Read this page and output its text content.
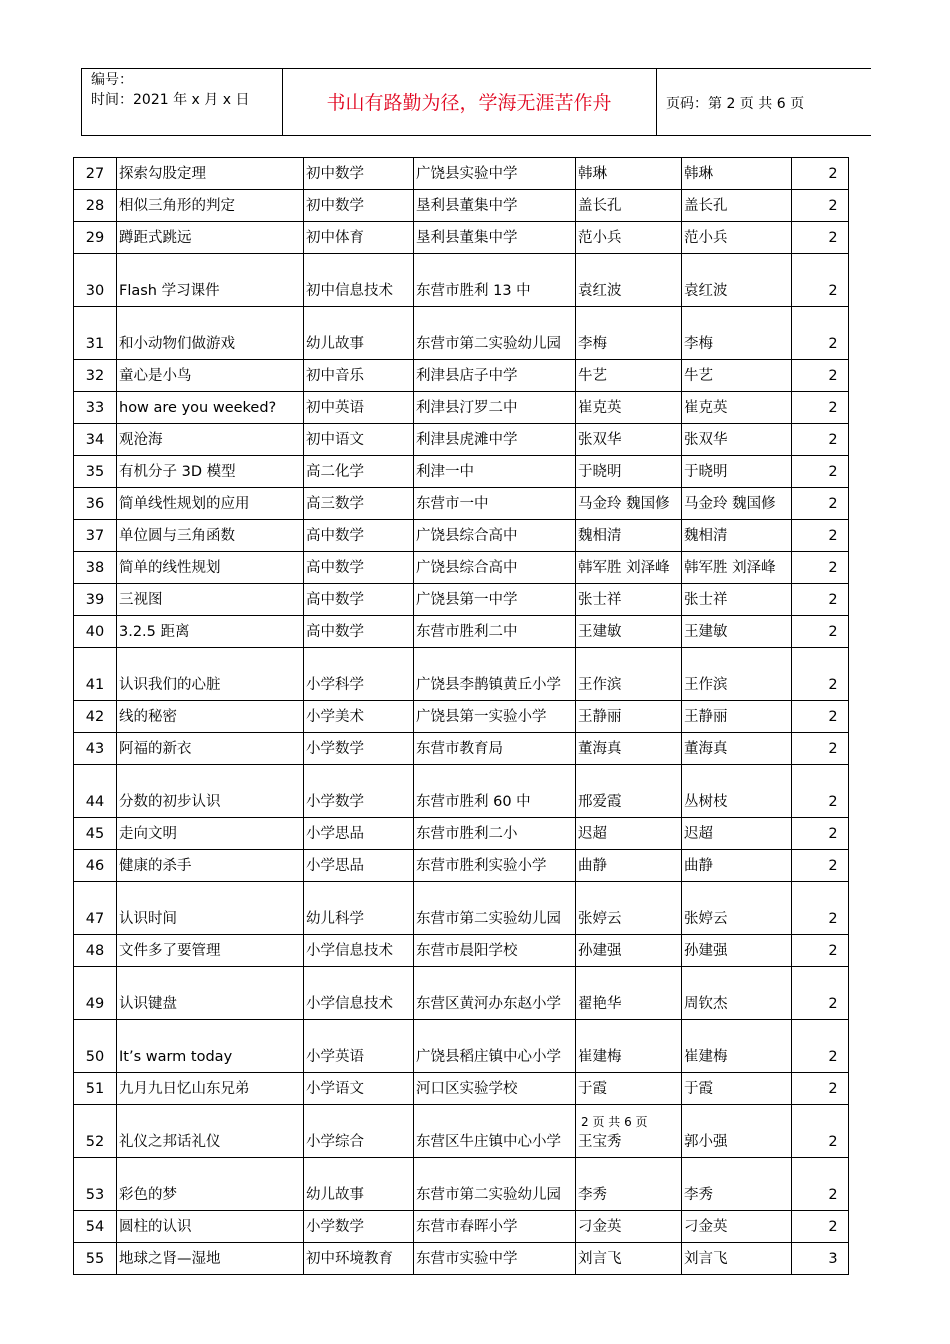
编号：
时间：2021 年 x 月 x 日	书山有路勤为径，学海无涯苦作舟	页码：第 2 页 共 6 页
27	探索勾股定理	初中数学	广饶县实验中学	韩琳	韩琳	2
28	相似三角形的判定	初中数学	垦利县董集中学	盖长孔	盖长孔	2
29	蹲距式跳远	初中体育	垦利县董集中学	范小兵	范小兵	2
30	Flash 学习课件	初中信息技术	东营市胜利 13 中	袁红波	袁红波	2
31	和小动物们做游戏	幼儿故事	东营市第二实验幼儿园	李梅	李梅	2
32	童心是小鸟	初中音乐	利津县店子中学	牛艺	牛艺	2
33	how are you weeked?	初中英语	利津县汀罗二中	崔克英	崔克英	2
34	观沧海	初中语文	利津县虎滩中学	张双华	张双华	2
35	有机分子 3D 模型	高二化学	利津一中	于晓明	于晓明	2
36	简单线性规划的应用	高三数学	东营市一中	马金玲 魏国修	马金玲 魏国修	2
37	单位圆与三角函数	高中数学	广饶县综合高中	魏相清	魏相清	2
38	简单的线性规划	高中数学	广饶县综合高中	韩军胜 刘泽峰	韩军胜 刘泽峰	2
39	三视图	高中数学	广饶县第一中学	张士祥	张士祥	2
40	3.2.5 距离	高中数学	东营市胜利二中	王建敏	王建敏	2
41	认识我们的心脏	小学科学	广饶县李鹊镇黄丘小学	王作滨	王作滨	2
42	线的秘密	小学美术	广饶县第一实验小学	王静丽	王静丽	2
43	阿福的新衣	小学数学	东营市教育局	董海真	董海真	2
44	分数的初步认识	小学数学	东营市胜利 60 中	邢爱霞	丛树枝	2
45	走向文明	小学思品	东营市胜利二小	迟超	迟超	2
46	健康的杀手	小学思品	东营市胜利实验小学	曲静	曲静	2
47	认识时间	幼儿科学	东营市第二实验幼儿园	张婷云	张婷云	2
48	文件多了要管理	小学信息技术	东营市晨阳学校	孙建强	孙建强	2
49	认识键盘	小学信息技术	东营区黄河办东赵小学	翟艳华	周钦杰	2
50	It’s warm today	小学英语	广饶县稻庄镇中心小学	崔建梅	崔建梅	2
51	九月九日忆山东兄弟	小学语文	河口区实验学校	于霞	于霞	2
52	礼仪之邦话礼仪	小学综合	东营区牛庄镇中心小学	王宝秀	郭小强	2
53	彩色的梦	幼儿故事	东营市第二实验幼儿园	李秀	李秀	2
54	圆柱的认识	小学数学	东营市春晖小学	刁金英	刁金英	2
55	地球之肾—湿地	初中环境教育	东营市实验中学	刘言飞	刘言飞	3
2 页 共 6 页
